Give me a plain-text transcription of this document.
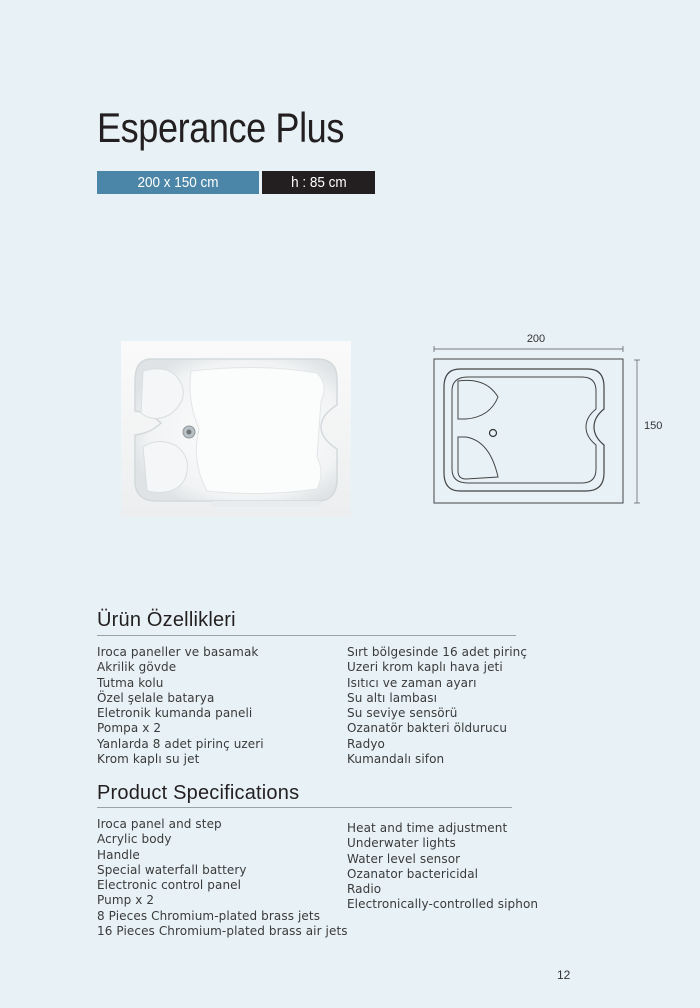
Esperance Plus
200 x 150 cm	h : 85 cm
200
150
Ürün Özellikleri
Iroca paneller ve basamak
Akrilik gövde
Tutma kolu
Özel şelale batarya
Eletronik kumanda paneli
Pompa x 2
Yanlarda 8 adet pirinç uzeri
Krom kaplı su jet
Sırt bölgesinde 16 adet pirinç
Uzeri krom kaplı hava jeti
Isıtıcı ve zaman ayarı
Su altı lambası
Su seviye sensörü
Ozanatör bakteri öldurucu
Radyo
Kumandalı sifon
Product Specifications
Iroca panel and step
Acrylic body
Handle
Special waterfall battery
Electronic control panel
Pump x 2
8 Pieces Chromium-plated brass jets
16 Pieces Chromium-plated brass air jets
Heat and time adjustment
Underwater lights
Water level sensor
Ozanator bactericidal
Radio
Electronically-controlled siphon
12
